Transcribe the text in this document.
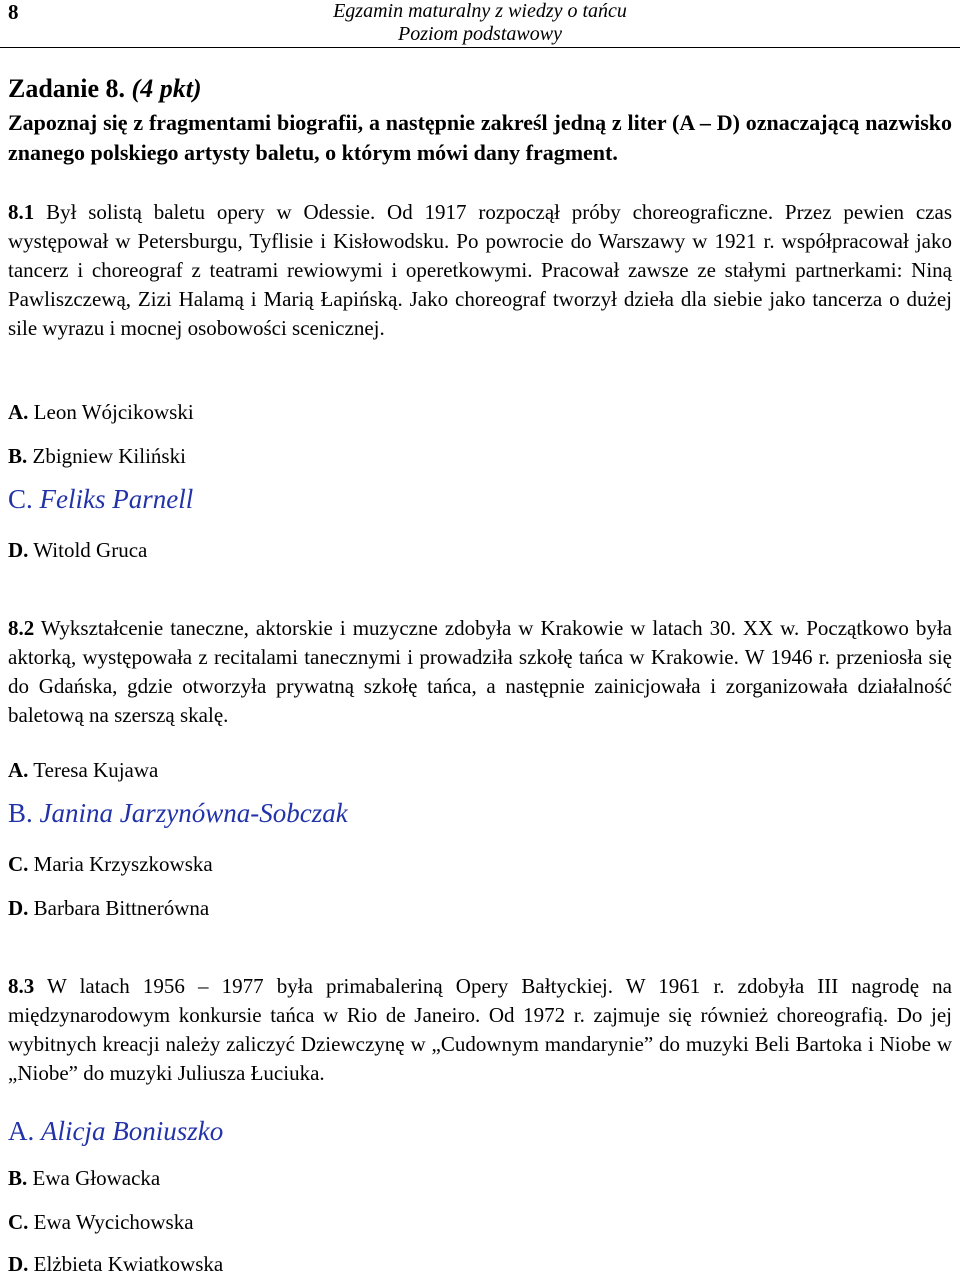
8	Egzamin maturalny z wiedzy o tańcu
Poziom podstawowy

Zadanie 8. (4 pkt)

Zapoznaj się z fragmentami biografii, a następnie zakreśl jedną z liter (A – D) oznaczającą nazwisko znanego polskiego artysty baletu, o którym mówi dany fragment.

8.1 Był solistą baletu opery w Odessie. Od 1917 rozpoczął próby choreograficzne. Przez pewien czas występował w Petersburgu, Tyflisie i Kisłowodsku. Po powrocie do Warszawy w 1921 r. współpracował jako tancerz i choreograf z teatrami rewiowymi i operetkowymi. Pracował zawsze ze stałymi partnerkami: Niną Pawliszczewą, Zizi Halamą i Marią Łapińską. Jako choreograf tworzył dzieła dla siebie jako tancerza o dużej sile wyrazu i mocnej osobowości scenicznej.
A. Leon Wójcikowski
B. Zbigniew Kiliński
C. Feliks Parnell
D. Witold Gruca
8.2 Wykształcenie taneczne, aktorskie i muzyczne zdobyła w Krakowie w latach 30. XX w. Początkowo była aktorką, występowała z recitalami tanecznymi i prowadziła szkołę tańca w Krakowie. W 1946 r. przeniosła się do Gdańska, gdzie otworzyła prywatną szkołę tańca, a następnie zainicjowała i zorganizowała działalność baletową na szerszą skalę.
A. Teresa Kujawa
B. Janina Jarzynówna-Sobczak
C. Maria Krzyszkowska
D. Barbara Bittnerówna
8.3 W latach 1956 – 1977 była primabaleriną Opery Bałtyckiej. W 1961 r. zdobyła III nagrodę na międzynarodowym konkursie tańca w Rio de Janeiro. Od 1972 r. zajmuje się również choreografią. Do jej wybitnych kreacji należy zaliczyć Dziewczynę w „Cudownym mandarynie” do muzyki Beli Bartoka i Niobe w „Niobe” do muzyki Juliusza Łuciuka.
A. Alicja Boniuszko
B. Ewa Głowacka
C. Ewa Wycichowska
D. Elżbieta Kwiatkowska
